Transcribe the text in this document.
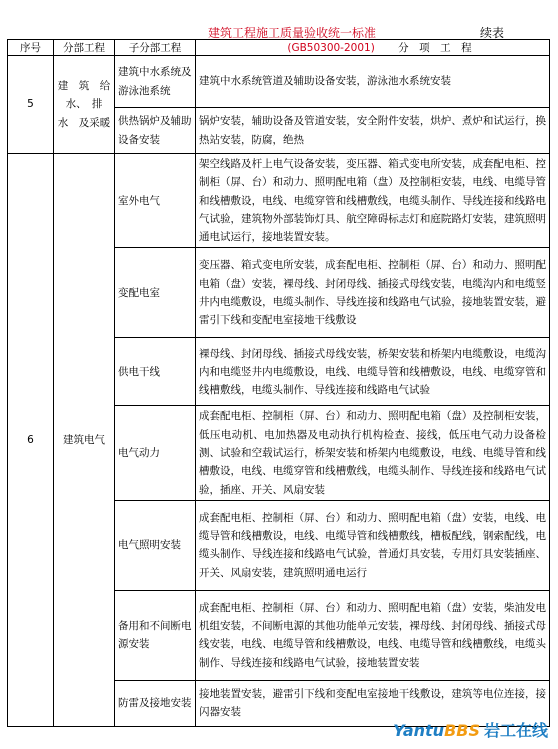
建筑工程施工质量验收统一标准	续表
序号	分部工程	子分部工程	(GB50300-2001) 分　项　工　程
5	建　筑　给水、　排　水　及采暖	建筑中水系统及游泳池系统	建筑中水系统管道及辅助设备安装，游泳池水系统安装
		供热锅炉及辅助设备安装	锅炉安装，辅助设备及管道安装，安全附件安装，烘炉、煮炉和试运行，换热站安装，防腐，绝热
6	建筑电气	室外电气	架空线路及杆上电气设备安装，变压器、箱式变电所安装，成套配电柜、控制柜（屏、台）和动力、照明配电箱（盘）及控制柜安装，电线、电缆导管和线槽敷设，电线、电缆穿管和线槽敷线，电缆头制作、导线连接和线路电气试验，建筑物外部装饰灯具、航空障碍标志灯和庭院路灯安装，建筑照明通电试运行，接地装置安装。
		变配电室	变压器、箱式变电所安装，成套配电柜、控制柜（屏、台）和动力、照明配电箱（盘）安装，裸母线、封闭母线、插接式母线安装，电缆沟内和电缆竖井内电缆敷设，电缆头制作、导线连接和线路电气试验，接地装置安装，避雷引下线和变配电室接地干线敷设
		供电干线	裸母线、封闭母线、插接式母线安装，桥架安装和桥架内电缆敷设，电缆沟内和电缆竖井内电缆敷设，电线、电缆导管和线槽敷设，电线、电缆穿管和线槽敷线，电缆头制作、导线连接和线路电气试验
		电气动力	成套配电柜、控制柜（屏、台）和动力、照明配电箱（盘）及控制柜安装，低压电动机、电加热器及电动执行机构检查、接线，低压电气动力设备检测、试验和空载试运行，桥架安装和桥架内电缆敷设，电线、电缆导管和线槽敷设，电线、电缆穿管和线槽敷线，电缆头制作、导线连接和线路电气试验，插座、开关、风扇安装
		电气照明安装	成套配电柜、控制柜（屏、台）和动力、照明配电箱（盘）安装，电线、电缆导管和线槽敷设，电线、电缆导管和线槽敷线，槽板配线，钢索配线，电缆头制作、导线连接和线路电气试验，普通灯具安装，专用灯具安装插座、开关、风扇安装，建筑照明通电运行
		备用和不间断电源安装	成套配电柜、控制柜（屏、台）和动力、照明配电箱（盘）安装，柴油发电机组安装，不间断电源的其他功能单元安装，裸母线、封闭母线、插接式母线安装，电线、电缆导管和线槽敷设，电线、电缆导管和线槽敷线，电缆头制作、导线连接和线路电气试验，接地装置安装
		防雷及接地安装	接地装置安装，避雷引下线和变配电室接地干线敷设，建筑等电位连接，接闪器安装
YantuBBS 岩工在线
